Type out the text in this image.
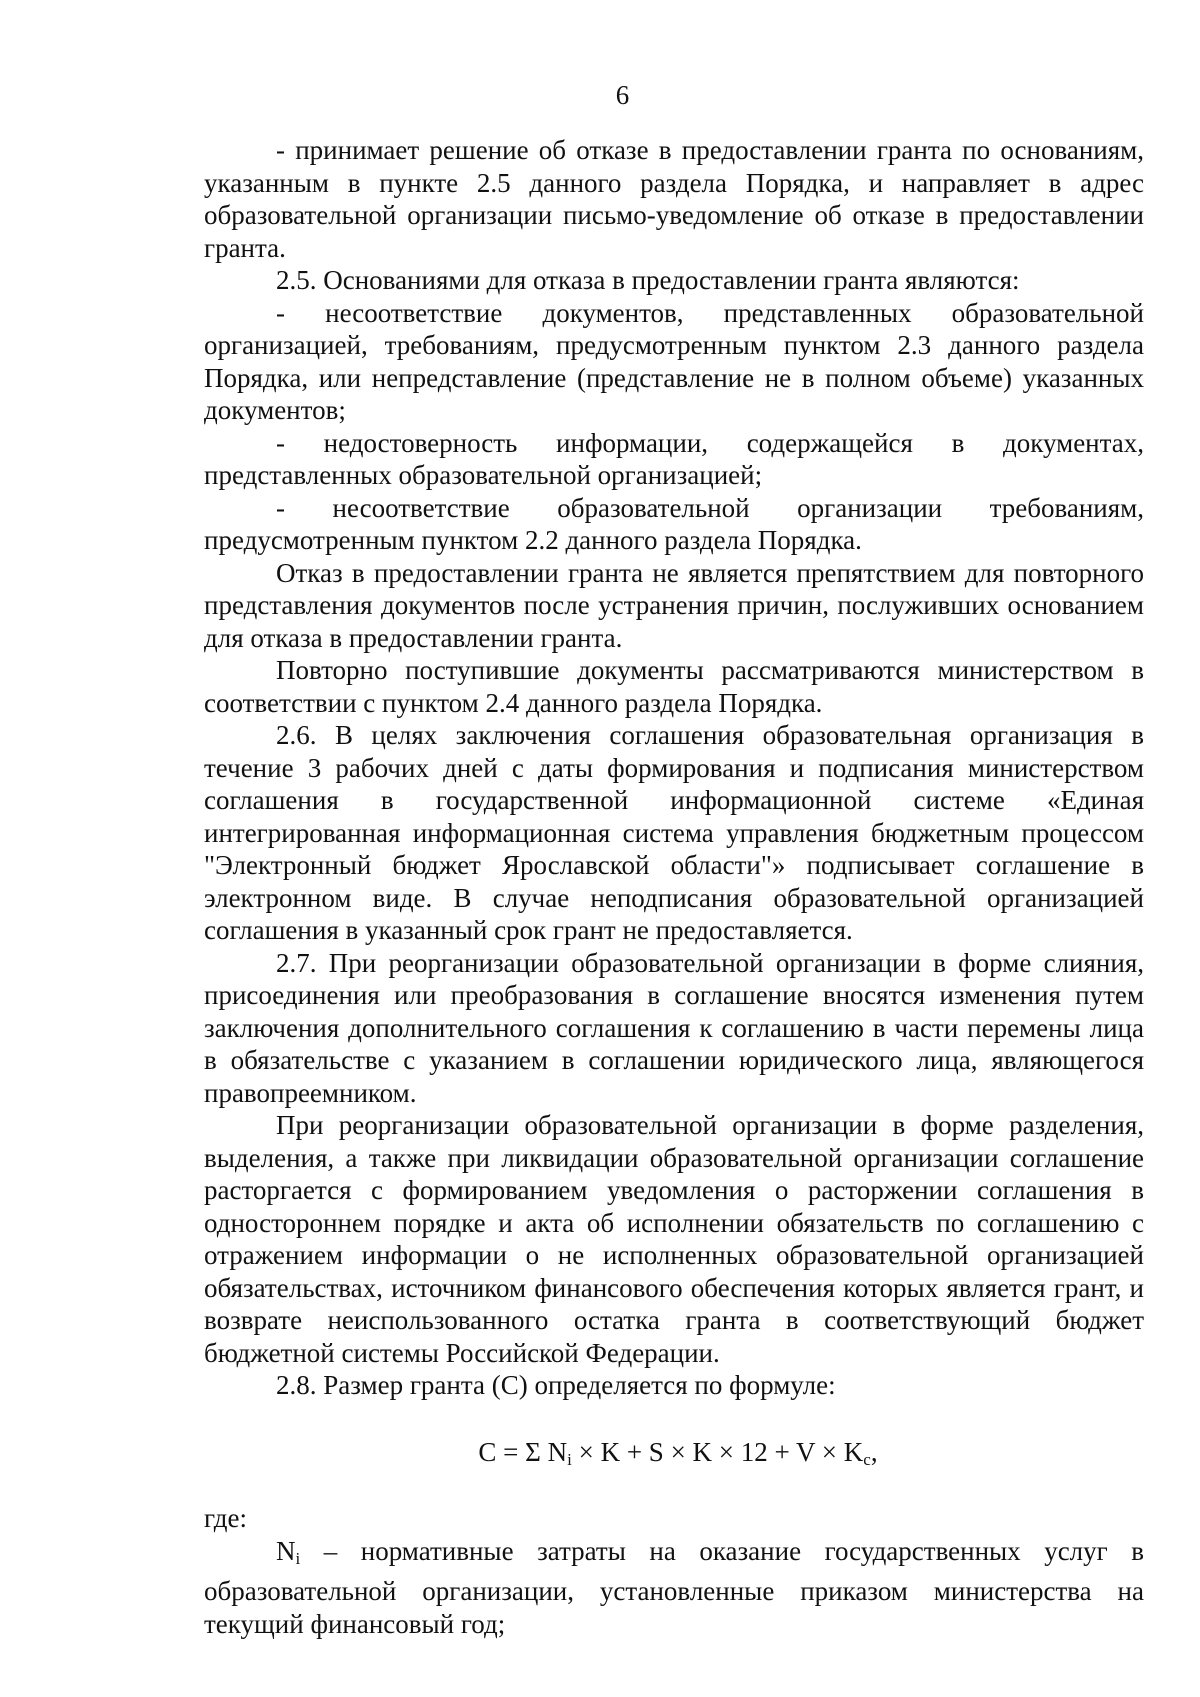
6

- принимает решение об отказе в предоставлении гранта по основаниям, указанным в пункте 2.5 данного раздела Порядка, и направляет в адрес образовательной организации письмо-уведомление об отказе в предоставлении гранта.

2.5. Основаниями для отказа в предоставлении гранта являются:

- несоответствие документов, представленных образовательной организацией, требованиям, предусмотренным пунктом 2.3 данного раздела Порядка, или непредставление (представление не в полном объеме) указанных документов;

- недостоверность информации, содержащейся в документах, представленных образовательной организацией;

- несоответствие образовательной организации требованиям, предусмотренным пунктом 2.2 данного раздела Порядка.

Отказ в предоставлении гранта не является препятствием для повторного представления документов после устранения причин, послуживших основанием для отказа в предоставлении гранта.

Повторно поступившие документы рассматриваются министерством в соответствии с пунктом 2.4 данного раздела Порядка.

2.6. В целях заключения соглашения образовательная организация в течение 3 рабочих дней с даты формирования и подписания министерством соглашения в государственной информационной системе «Единая интегрированная информационная система управления бюджетным процессом "Электронный бюджет Ярославской области"» подписывает соглашение в электронном виде. В случае неподписания образовательной организацией соглашения в указанный срок грант не предоставляется.

2.7. При реорганизации образовательной организации в форме слияния, присоединения или преобразования в соглашение вносятся изменения путем заключения дополнительного соглашения к соглашению в части перемены лица в обязательстве с указанием в соглашении юридического лица, являющегося правопреемником.

При реорганизации образовательной организации в форме разделения, выделения, а также при ликвидации образовательной организации соглашение расторгается с формированием уведомления о расторжении соглашения в одностороннем порядке и акта об исполнении обязательств по соглашению с отражением информации о не исполненных образовательной организацией обязательствах, источником финансового обеспечения которых является грант, и возврате неиспользованного остатка гранта в соответствующий бюджет бюджетной системы Российской Федерации.

2.8. Размер гранта (С) определяется по формуле:

С = Σ $N_i \times K + S \times K \times 12 + V \times K_c$,

где:

$N_i$ – нормативные затраты на оказание государственных услуг в образовательной организации, установленные приказом министерства на текущий финансовый год;
